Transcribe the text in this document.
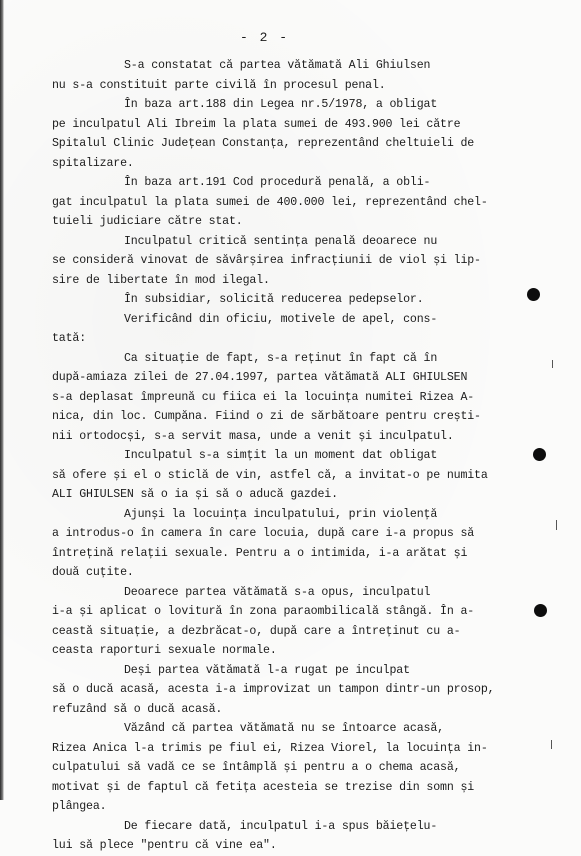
- 2 -
S-a constatat că partea vătămată Ali Ghiulsen
nu s-a constituit parte civilă în procesul penal.
În baza art.188 din Legea nr.5/1978, a obligat
pe inculpatul Ali Ibreim la plata sumei de 493.900 lei către
Spitalul Clinic Județean Constanța, reprezentând cheltuieli de
spitalizare.
În baza art.191 Cod procedură penală, a obli-
gat inculpatul la plata sumei de 400.000 lei, reprezentând chel-
tuieli judiciare către stat.
Inculpatul criticǎ sentința penală deoarece nu
se consideră vinovat de săvârșirea infracțiunii de viol și lip-
sire de libertate în mod ilegal.
În subsidiar, solicitǎ reducerea pedepselor.
Verificând din oficiu, motivele de apel, cons-
tată:
Ca situație de fapt, s-a reținut în fapt că în
după-amiaza zilei de 27.04.1997, partea vătămată ALI GHIULSEN
s-a deplasat împreună cu fiica ei la locuința numitei Rizea A-
nica, din loc. Cumpăna. Fiind o zi de sărbătoare pentru crești-
nii ortodocși, s-a servit masa, unde a venit și inculpatul.
Inculpatul s-a simțit la un moment dat obligat
să ofere și el o sticlă de vin, astfel că, a invitat-o pe numita
ALI GHIULSEN să o ia și să o aducă gazdei.
Ajunși la locuința inculpatului, prin violență
a introdus-o în camera în care locuia, după care i-a propus să
întrețină relații sexuale. Pentru a o intimida, i-a arătat și
două cuțite.
Deoarece partea vătămată s-a opus, inculpatul
i-a și aplicat o lovitură în zona paraombilicală stângă. În a-
ceastă situație, a dezbrăcat-o, după care a întreținut cu a-
ceasta raporturi sexuale normale.
Deși partea vătămată l-a rugat pe inculpat
să o ducă acasă, acesta i-a improvizat un tampon dintr-un prosop,
refuzând să o ducă acasă.
Văzând că partea vătămată nu se întoarce acasă,
Rizea Anica l-a trimis pe fiul ei, Rizea Viorel, la locuința in-
culpatului să vadă ce se întâmplă și pentru a o chema acasă,
motivat și de faptul că fetița acesteia se trezise din somn și
plângea.
De fiecare dată, inculpatul i-a spus băiețelu-
lui să plece "pentru că vine ea".
